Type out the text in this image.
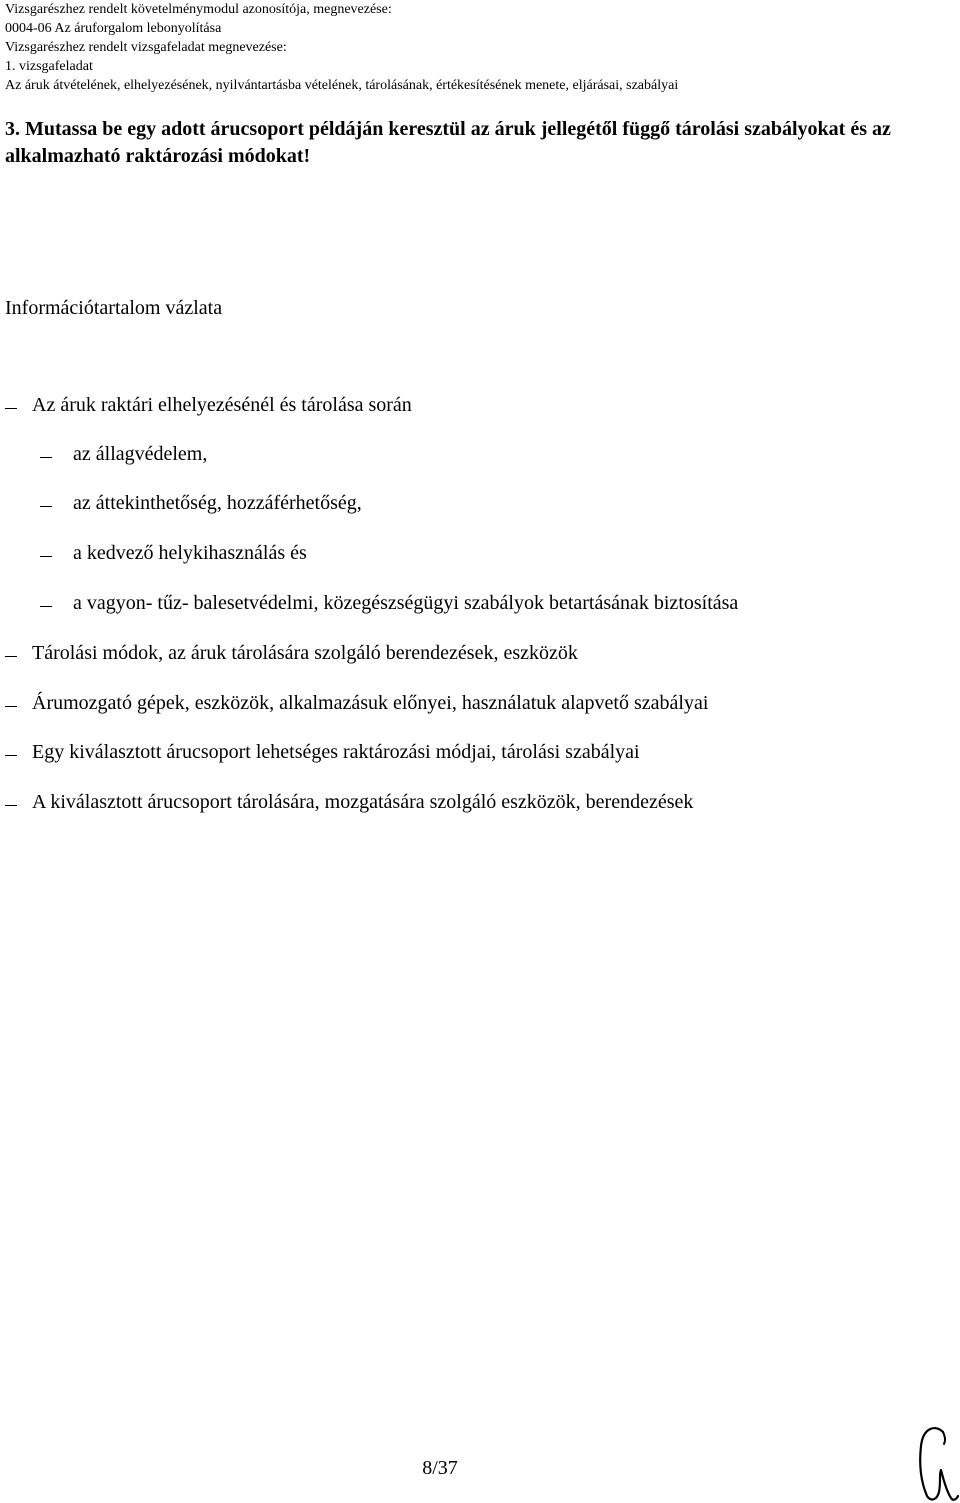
Vizsgarészhez rendelt követelménymodul azonosítója, megnevezése:
0004-06 Az áruforgalom lebonyolítása
Vizsgarészhez rendelt vizsgafeladat megnevezése:
1. vizsgafeladat
Az áruk átvételének, elhelyezésének, nyilvántartásba vételének, tárolásának, értékesítésének menete, eljárásai, szabályai
3. Mutassa be egy adott árucsoport példáján keresztül az áruk jellegétől függő tárolási szabályokat és az alkalmazható raktározási módokat!
Információtartalom vázlata
Az áruk raktári elhelyezésénél és tárolása során
az állagvédelem,
az áttekinthetőség, hozzáférhetőség,
a kedvező helykihasználás és
a vagyon- tűz- balesetvédelmi, közegészségügyi szabályok betartásának biztosítása
Tárolási módok, az áruk tárolására szolgáló berendezések, eszközök
Árumozgató gépek, eszközök, alkalmazásuk előnyei, használatuk alapvető szabályai
Egy kiválasztott árucsoport lehetséges raktározási módjai, tárolási szabályai
A kiválasztott árucsoport tárolására, mozgatására szolgáló eszközök, berendezések
8/37
